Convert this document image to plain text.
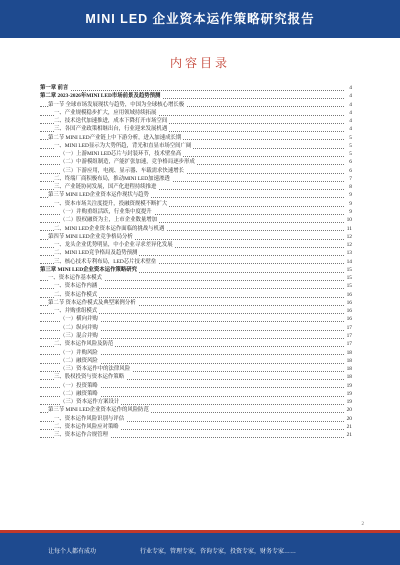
MINI LED 企业资本运作策略研究报告
内容目录
第一章 前言	4
第二章 2023-2026年MINI LED市场前景及趋势预测	4
第一节 全球市场发展现状与趋势，中国为全球核心增长极	4
一、产业规模稳步扩大，应用领域持续拓展	4
二、技术迭代加速推进，成本下降打开市场空间	4
三、各国产业政策相继出台，行业迎来发展机遇	4
第二节 MINI LED产业链上中下游分析，进入加速成长期	5
一、MINI LED显示为大势所趋，背光和直显市场空间广阔	5
（一）上游MINI LED芯片与封装环节，技术壁垒高	5
（二）中游模组制造，产能扩张加速，竞争格局逐步形成	6
（三）下游应用，电视、显示器、车载需求快速增长	6
二、终端厂商积极布局，推动MINI LED加速渗透	7
三、产业链协同发展，国产化进程持续推进	8
第三节 MINI LED企业资本运作现状与趋势	9
一、资本市场关注度提升，投融资规模不断扩大	9
（一）并购重组活跃，行业集中度提升	9
（二）股权融资为主，上市企业数量增加	10
二、MINI LED企业资本运作面临的挑战与机遇	11
第四节 MINI LED企业竞争格局分析	12
一、龙头企业优势明显，中小企业寻求差异化发展	12
二、MINI LED竞争格局及趋势预测	13
三、核心技术专利布局，LED芯片技术壁垒	14
第三章 MINI LED企业资本运作策略研究	15
一、资本运作基本模式	15
一、资本运作内涵	15
二、资本运作模式	16
第二节 资本运作模式及典型案例分析	16
一、并购重组模式	16
（一）横向并购	16
（二）纵向并购	17
（三）混合并购	17
二、资本运作风险及防范	17
（一）并购风险	18
（二）融资风险	18
（三）资本运作中的法律风险	18
三、股权投资与资本运作策略	18
（一）投资策略	19
（二）融资策略	19
（三）资本运作方案设计	19
第三节 MINI LED企业资本运作的风险防范	20
一、资本运作风险识别与评估	20
二、资本运作风险应对策略	21
三、资本运作合规管理	21
2
让每个人都有成功	行业专家，管理专家，咨询专家，投资专家，财务专家……
